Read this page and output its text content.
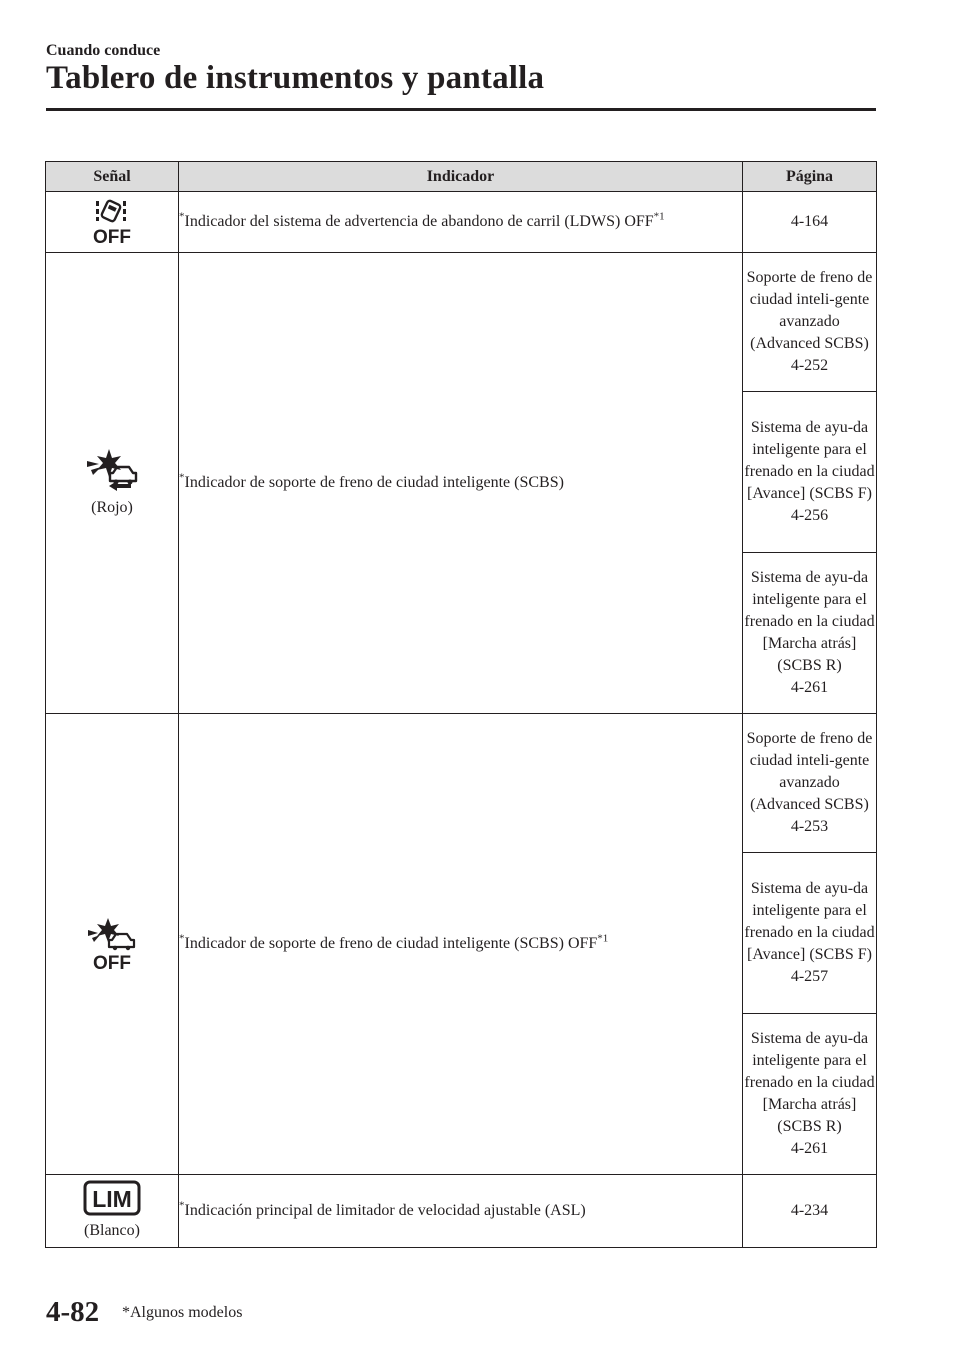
Cuando conduce
Tablero de instrumentos y pantalla
Señal	Indicador	Página

OFF	*Indicador del sistema de advertencia de abandono de carril (LDWS) OFF$^{*1}$	4-164

(Rojo)	*Indicador de soporte de freno de ciudad inteligente (SCBS)	Soporte de freno de ciudad inteli-gente avanzado (Advanced SCBS)
4-252

		Sistema de ayu-da inteligente para el frenado en la ciudad [Avance] (SCBS F)
4-256

		Sistema de ayu-da inteligente para el frenado en la ciudad [Marcha atrás] (SCBS R)
4-261

OFF	*Indicador de soporte de freno de ciudad inteligente (SCBS) OFF$^{*1}$	Soporte de freno de ciudad inteli-gente avanzado (Advanced SCBS)
4-253

		Sistema de ayu-da inteligente para el frenado en la ciudad [Avance] (SCBS F)
4-257

		Sistema de ayu-da inteligente para el frenado en la ciudad [Marcha atrás] (SCBS R)
4-261

LIM
(Blanco)	*Indicación principal de limitador de velocidad ajustable (ASL)	4-234
4-82 *Algunos modelos
